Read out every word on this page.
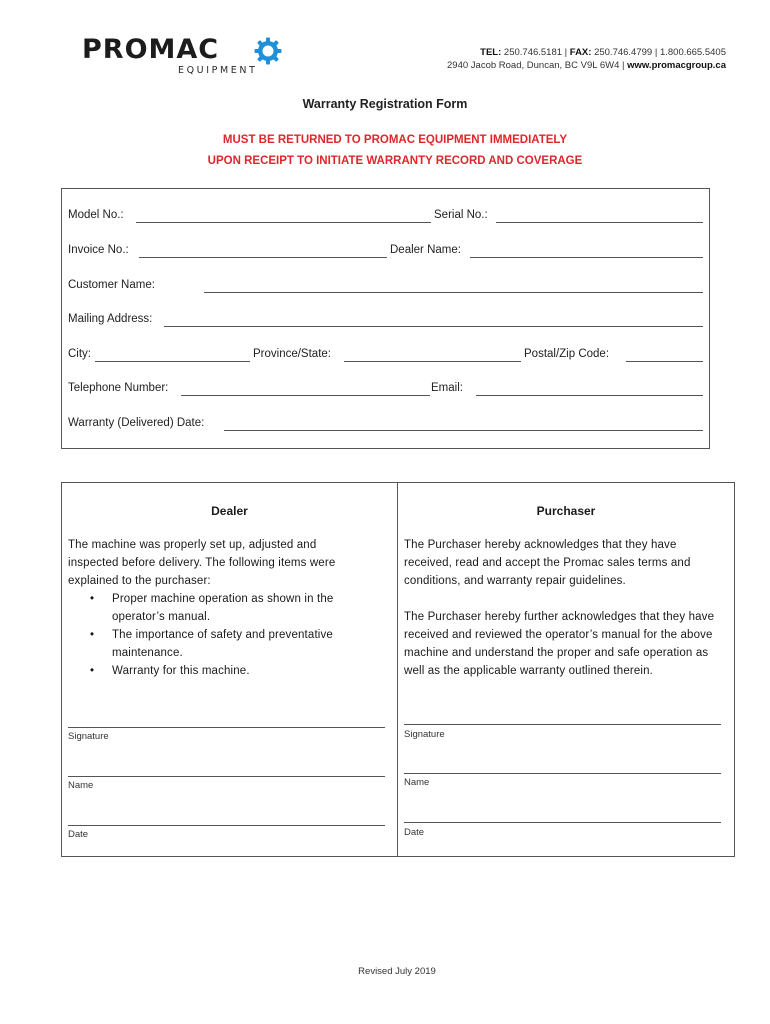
PROMAC
EQUIPMENT
TEL: 250.746.5181 | FAX: 250.746.4799 | 1.800.665.5405
2940 Jacob Road, Duncan, BC V9L 6W4 | www.promacgroup.ca
Warranty Registration Form
MUST BE RETURNED TO PROMAC EQUIPMENT IMMEDIATELY
UPON RECEIPT TO INITIATE WARRANTY RECORD AND COVERAGE
Model No.:	Serial No.:
Invoice No.:	Dealer Name:
Customer Name:
Mailing Address:
City:	Province/State:	Postal/Zip Code:
Telephone Number:	Email:
Warranty (Delivered) Date:
Dealer

The machine was properly set up, adjusted and inspected before delivery. The following items were explained to the purchaser:

• Proper machine operation as shown in the operator’s manual.
• The importance of safety and preventative maintenance.
• Warranty for this machine.
Signature
Name
Date
Purchaser

The Purchaser hereby acknowledges that they have received, read and accept the Promac sales terms and conditions, and warranty repair guidelines.

The Purchaser hereby further acknowledges that they have received and reviewed the operator’s manual for the above machine and understand the proper and safe operation as well as the applicable warranty outlined therein.

Signature
Name
Date
Revised July 2019
